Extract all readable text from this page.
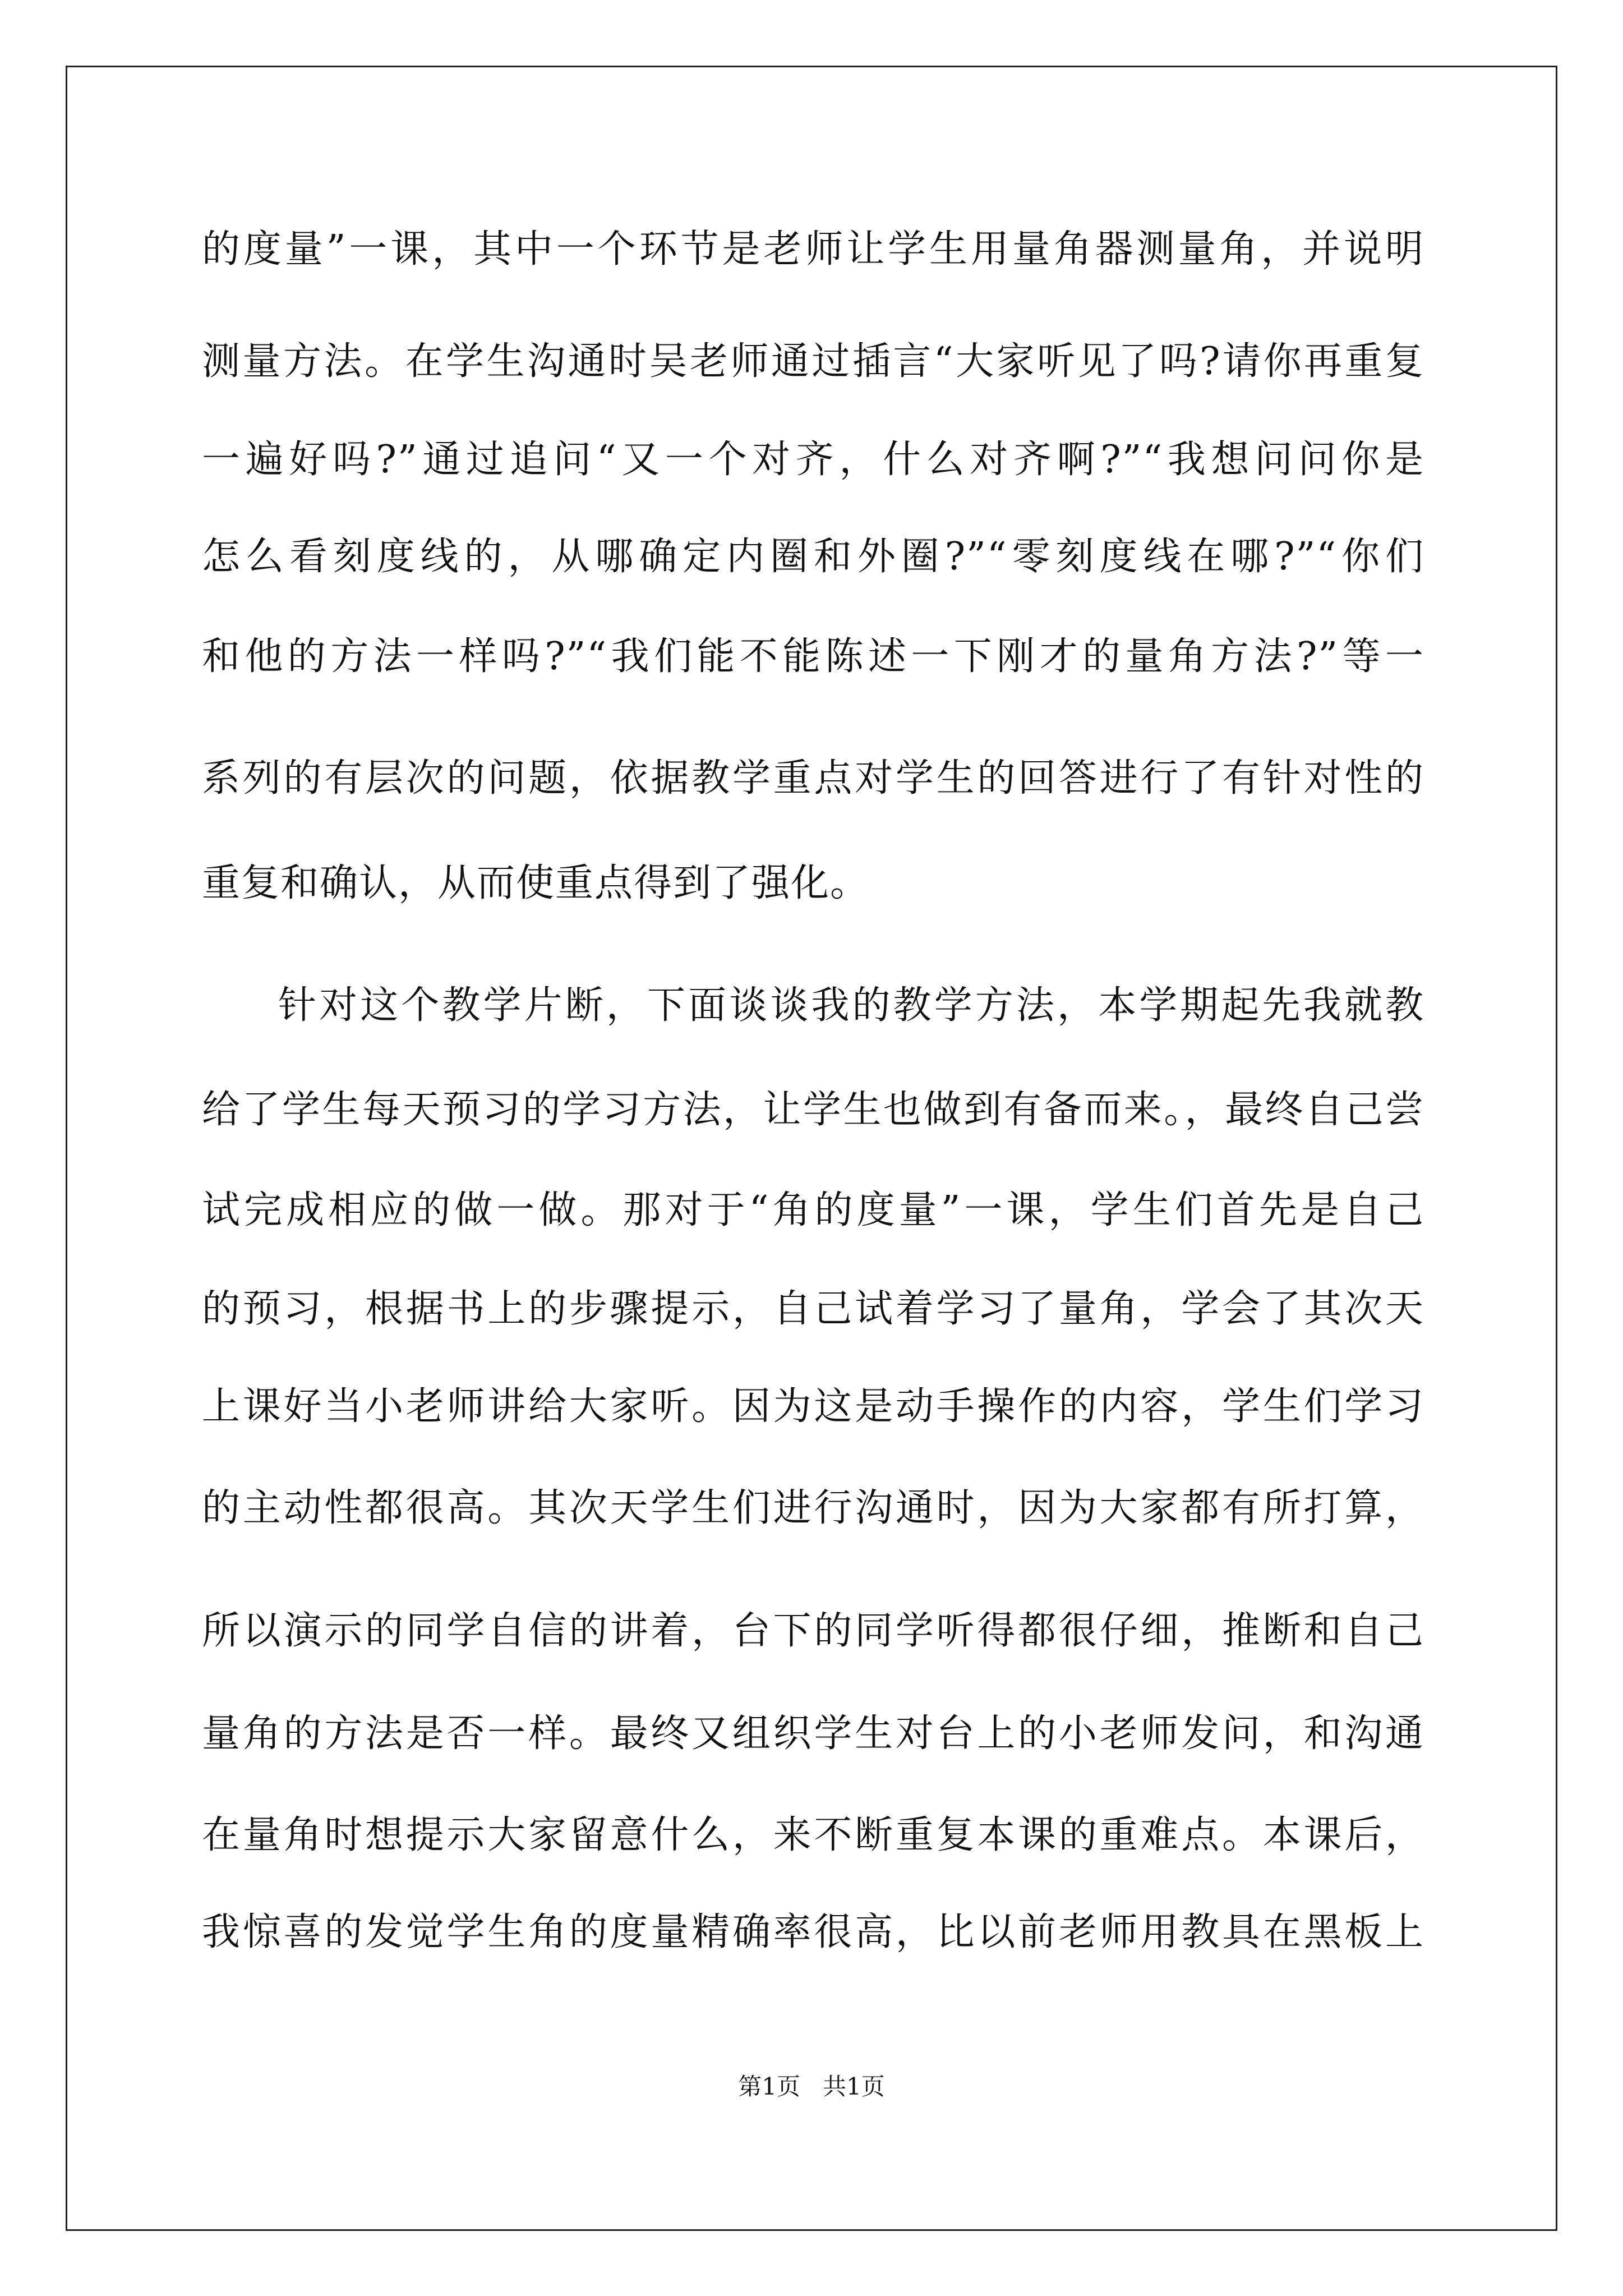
的度量”一课，其中一个环节是老师让学生用量角器测量角，并说明

测量方法。在学生沟通时吴老师通过插言“大家听见了吗?请你再重复

一遍好吗?”通过追问“又一个对齐，什么对齐啊?”“我想问问你是

怎么看刻度线的，从哪确定内圈和外圈?”“零刻度线在哪?”“你们

和他的方法一样吗?”“我们能不能陈述一下刚才的量角方法?”等一

系列的有层次的问题，依据教学重点对学生的回答进行了有针对性的

重复和确认，从而使重点得到了强化。

针对这个教学片断，下面谈谈我的教学方法，本学期起先我就教

给了学生每天预习的学习方法，让学生也做到有备而来。，最终自己尝

试完成相应的做一做。那对于“角的度量”一课，学生们首先是自己

的预习，根据书上的步骤提示，自己试着学习了量角，学会了其次天

上课好当小老师讲给大家听。因为这是动手操作的内容，学生们学习

的主动性都很高。其次天学生们进行沟通时，因为大家都有所打算，

所以演示的同学自信的讲着，台下的同学听得都很仔细，推断和自己

量角的方法是否一样。最终又组织学生对台上的小老师发问，和沟通

在量角时想提示大家留意什么，来不断重复本课的重难点。本课后，

我惊喜的发觉学生角的度量精确率很高，比以前老师用教具在黑板上

第1页   共1页
